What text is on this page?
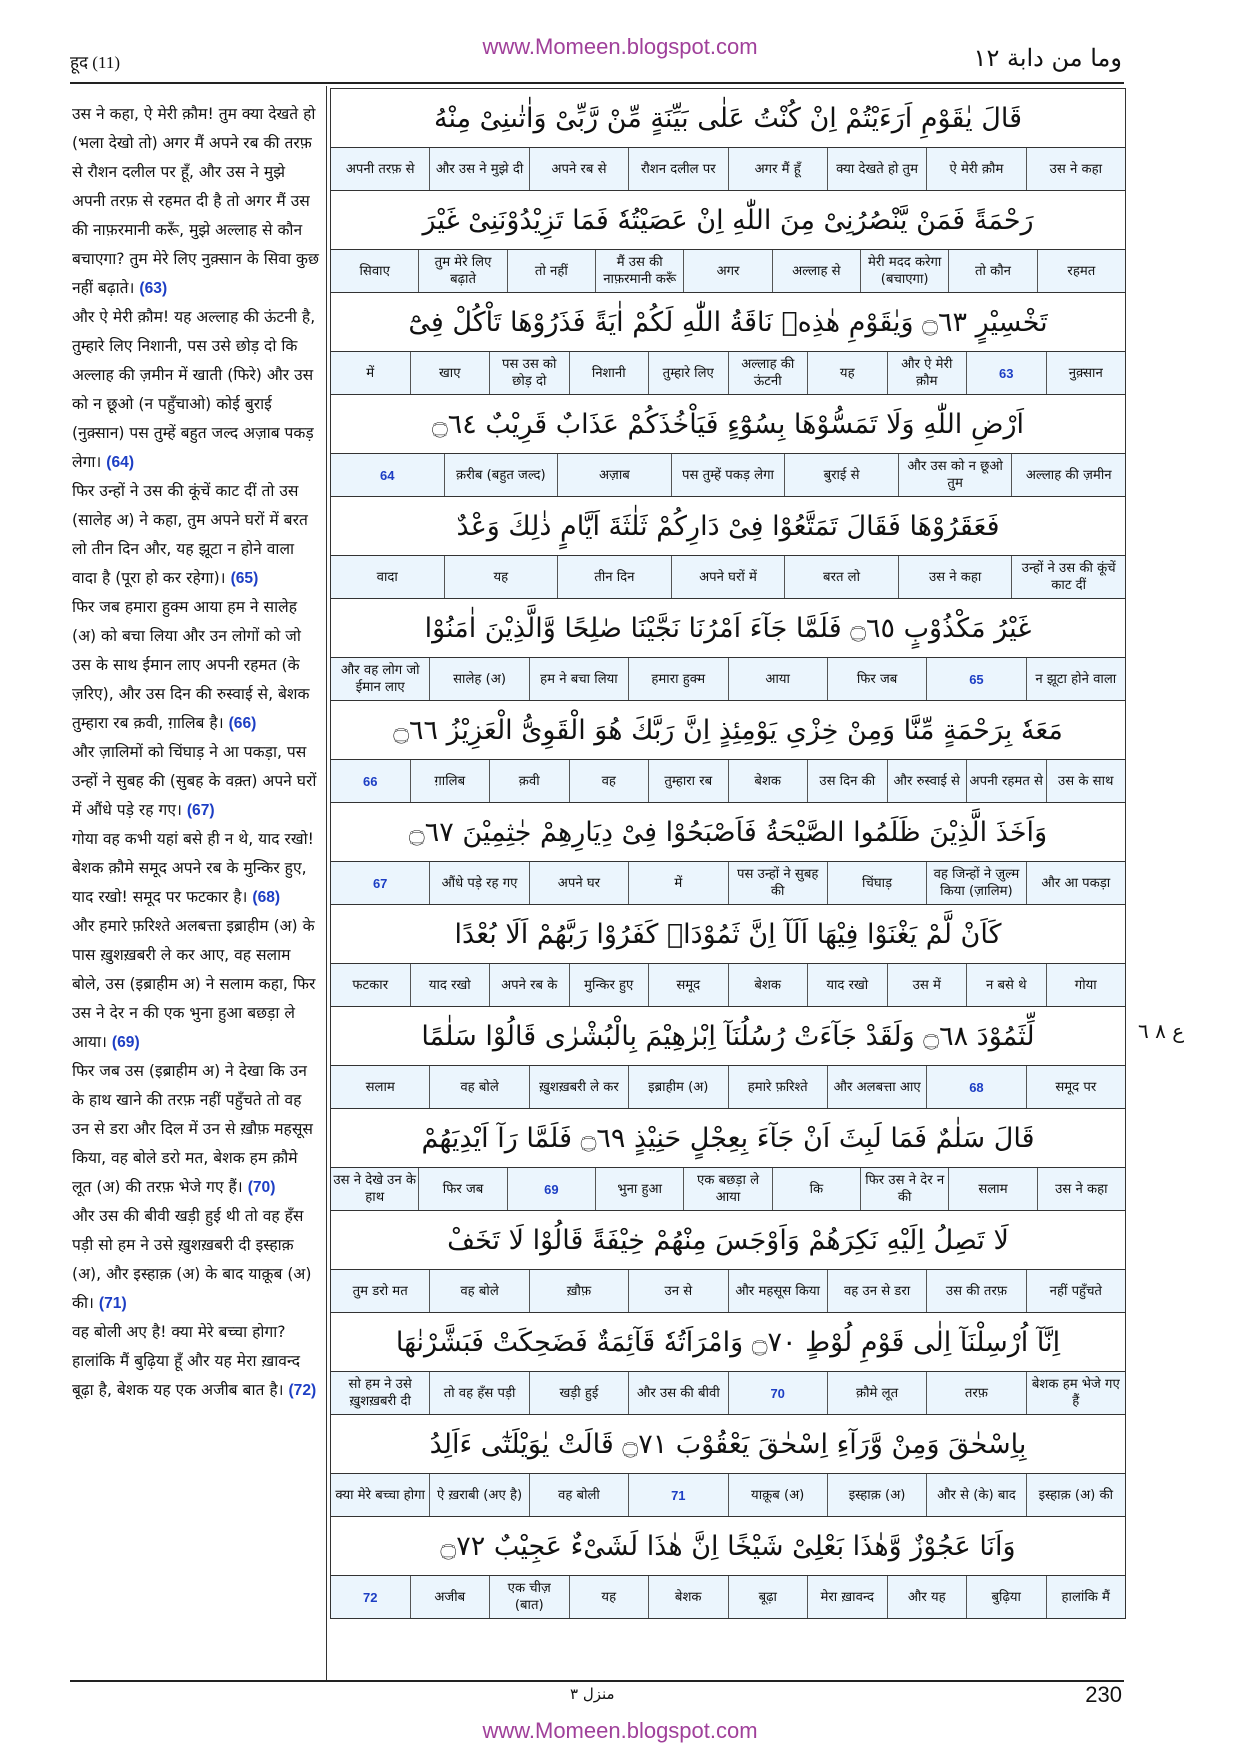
www.Momeen.blogspot.com
हूद (11)	وما من دابة ١٢
उस ने कहा, ऐ मेरी क़ौम! तुम क्या देखते हो (भला देखो तो) अगर मैं अपने रब की तरफ़ से रौशन दलील पर हूँ, और उस ने मुझे अपनी तरफ़ से रहमत दी है तो अगर मैं उस की नाफ़रमानी करूँ, मुझे अल्लाह से कौन बचाएगा? तुम मेरे लिए नुक़्सान के सिवा कुछ नहीं बढ़ाते। (63)
और ऐ मेरी क़ौम! यह अल्लाह की ऊंटनी है, तुम्हारे लिए निशानी, पस उसे छोड़ दो कि अल्लाह की ज़मीन में खाती (फिरे) और उस को न छूओ (न पहुँचाओ) कोई बुराई (नुक़्सान) पस तुम्हें बहुत जल्द अज़ाब पकड़ लेगा। (64)
फिर उन्हों ने उस की कूंचें काट दीं तो उस (सालेह अ) ने कहा, तुम अपने घरों में बरत लो तीन दिन और, यह झूटा न होने वाला वादा है (पूरा हो कर रहेगा)। (65)
फिर जब हमारा हुक्म आया हम ने सालेह (अ) को बचा लिया और उन लोगों को जो उस के साथ ईमान लाए अपनी रहमत (के ज़रिए), और उस दिन की रुस्वाई से, बेशक तुम्हारा रब क़वी, ग़ालिब है। (66)
और ज़ालिमों को चिंघाड़ ने आ पकड़ा, पस उन्हों ने सुबह की (सुबह के वक़्त) अपने घरों में औंधे पड़े रह गए। (67)
गोया वह कभी यहां बसे ही न थे, याद रखो! बेशक क़ौमे समूद अपने रब के मुन्किर हुए, याद रखो! समूद पर फटकार है। (68)
और हमारे फ़रिश्ते अलबत्ता इब्राहीम (अ) के पास ख़ुशख़बरी ले कर आए, वह सलाम बोले, उस (इब्राहीम अ) ने सलाम कहा, फिर उस ने देर न की एक भुना हुआ बछड़ा ले आया। (69)
फिर जब उस (इब्राहीम अ) ने देखा कि उन के हाथ खाने की तरफ़ नहीं पहुँचते तो वह उन से डरा और दिल में उन से ख़ौफ़ महसूस किया, वह बोले डरो मत, बेशक हम क़ौमे लूत (अ) की तरफ़ भेजे गए हैं। (70)
और उस की बीवी खड़ी हुई थी तो वह हँस पड़ी सो हम ने उसे ख़ुशख़बरी दी इस्हाक़ (अ), और इस्हाक़ (अ) के बाद याक़ूब (अ) की। (71)
वह बोली अए है! क्या मेरे बच्चा होगा? हालांकि मैं बुढ़िया हूँ और यह मेरा ख़ावन्द बूढ़ा है, बेशक यह एक अजीब बात है। (72)

قَالَ يٰقَوْمِ اَرَءَيْتُمْ اِنْ كُنْتُ عَلٰى بَيِّنَةٍ مِّنْ رَّبِّىْ وَاٰتٰىنِىْ مِنْهُ
उस ने कहा
ऐ मेरी क़ौम
क्या देखते हो तुम
अगर मैं हूँ
रौशन दलील पर
अपने रब से
और उस ने मुझे दी
अपनी तरफ़ से
رَحْمَةً فَمَنْ يَّنْصُرُنِىْ مِنَ اللّٰهِ اِنْ عَصَيْتُهٗ فَمَا تَزِيْدُوْنَنِىْ غَيْرَ
रहमत
तो कौन
मेरी मदद करेगा (बचाएगा)
अल्लाह से
अगर
मैं उस की नाफ़रमानी करूँ
तो नहीं
तुम मेरे लिए बढ़ाते
सिवाए
تَخْسِيْرٍ ۝٦٣ وَيٰقَوْمِ هٰذِهٖ نَاقَةُ اللّٰهِ لَكُمْ اٰيَةً فَذَرُوْهَا تَاْكُلْ فِىْٓ
नुक़्सान
63
और ऐ मेरी क़ौम
यह
अल्लाह की ऊंटनी
तुम्हारे लिए
निशानी
पस उस को छोड़ दो
खाए
में
اَرْضِ اللّٰهِ وَلَا تَمَسُّوْهَا بِسُوْٓءٍ فَيَاْخُذَكُمْ عَذَابٌ قَرِيْبٌ ۝٦٤
अल्लाह की ज़मीन
और उस को न छूओ तुम
बुराई से
पस तुम्हें पकड़ लेगा
अज़ाब
क़रीब (बहुत जल्द)
64
فَعَقَرُوْهَا فَقَالَ تَمَتَّعُوْا فِىْ دَارِكُمْ ثَلٰثَةَ اَيَّامٍ ذٰلِكَ وَعْدٌ
उन्हों ने उस की कूंचें काट दीं
उस ने कहा
बरत लो
अपने घरों में
तीन दिन
यह
वादा
غَيْرُ مَكْذُوْبٍ ۝٦٥ فَلَمَّا جَآءَ اَمْرُنَا نَجَّيْنَا صٰلِحًا وَّالَّذِيْنَ اٰمَنُوْا
न झूटा होने वाला
65
फिर जब
आया
हमारा हुक्म
हम ने बचा लिया
सालेह (अ)
और वह लोग जो ईमान लाए
مَعَهٗ بِرَحْمَةٍ مِّنَّا وَمِنْ خِزْىِ يَوْمِئِذٍ اِنَّ رَبَّكَ هُوَ الْقَوِىُّ الْعَزِيْزُ ۝٦٦
उस के साथ
अपनी रहमत से
और रुस्वाई से
उस दिन की
बेशक
तुम्हारा रब
वह
क़वी
ग़ालिब
66
وَاَخَذَ الَّذِيْنَ ظَلَمُوا الصَّيْحَةُ فَاَصْبَحُوْا فِىْ دِيَارِهِمْ جٰثِمِيْنَ ۝٦٧
और आ पकड़ा
वह जिन्हों ने ज़ुल्म किया (ज़ालिम)
चिंघाड़
पस उन्हों ने सुबह की
में
अपने घर
औंधे पड़े रह गए
67
كَاَنْ لَّمْ يَغْنَوْا فِيْهَا اَلَآ اِنَّ ثَمُوْدَاۡ كَفَرُوْا رَبَّهُمْ اَلَا بُعْدًا
गोया
न बसे थे
उस में
याद रखो
बेशक
समूद
मुन्किर हुए
अपने रब के
याद रखो
फटकार
لِّثَمُوْدَ ۝٦٨ وَلَقَدْ جَآءَتْ رُسُلُنَآ اِبْرٰهِيْمَ بِالْبُشْرٰى قَالُوْا سَلٰمًا
समूद पर
68
और अलबत्ता आए
हमारे फ़रिश्ते
इब्राहीम (अ)
ख़ुशख़बरी ले कर
वह बोले
सलाम
قَالَ سَلٰمٌ فَمَا لَبِثَ اَنْ جَآءَ بِعِجْلٍ حَنِيْذٍ ۝٦٩ فَلَمَّا رَآ اَيْدِيَهُمْ
उस ने कहा
सलाम
फिर उस ने देर न की
कि
एक बछड़ा ले आया
भुना हुआ
69
फिर जब
उस ने देखे उन के हाथ
لَا تَصِلُ اِلَيْهِ نَكِرَهُمْ وَاَوْجَسَ مِنْهُمْ خِيْفَةً قَالُوْا لَا تَخَفْ
नहीं पहुँचते
उस की तरफ़
वह उन से डरा
और महसूस किया
उन से
ख़ौफ़
वह बोले
तुम डरो मत
اِنَّآ اُرْسِلْنَآ اِلٰى قَوْمِ لُوْطٍ ۝٧٠ وَامْرَاَتُهٗ قَآئِمَةٌ فَضَحِكَتْ فَبَشَّرْنٰهَا
बेशक हम भेजे गए हैं
तरफ़
क़ौमे लूत
70
और उस की बीवी
खड़ी हुई
तो वह हँस पड़ी
सो हम ने उसे ख़ुशख़बरी दी
بِاِسْحٰقَ وَمِنْ وَّرَآءِ اِسْحٰقَ يَعْقُوْبَ ۝٧١ قَالَتْ يٰوَيْلَتٰٓى ءَاَلِدُ
इस्हाक़ (अ) की
और से (के) बाद
इस्हाक़ (अ)
याक़ूब (अ)
71
वह बोली
ऐ ख़राबी (अए है)
क्या मेरे बच्चा होगा
وَاَنَا عَجُوْزٌ وَّهٰذَا بَعْلِىْ شَيْخًا اِنَّ هٰذَا لَشَىْءٌ عَجِيْبٌ ۝٧٢
हालांकि मैं
बुढ़िया
और यह
मेरा ख़ावन्द
बूढ़ा
बेशक
यह
एक चीज़ (बात)
अजीब
72
ع ٨ ٦
منزل ٣	230
www.Momeen.blogspot.com
